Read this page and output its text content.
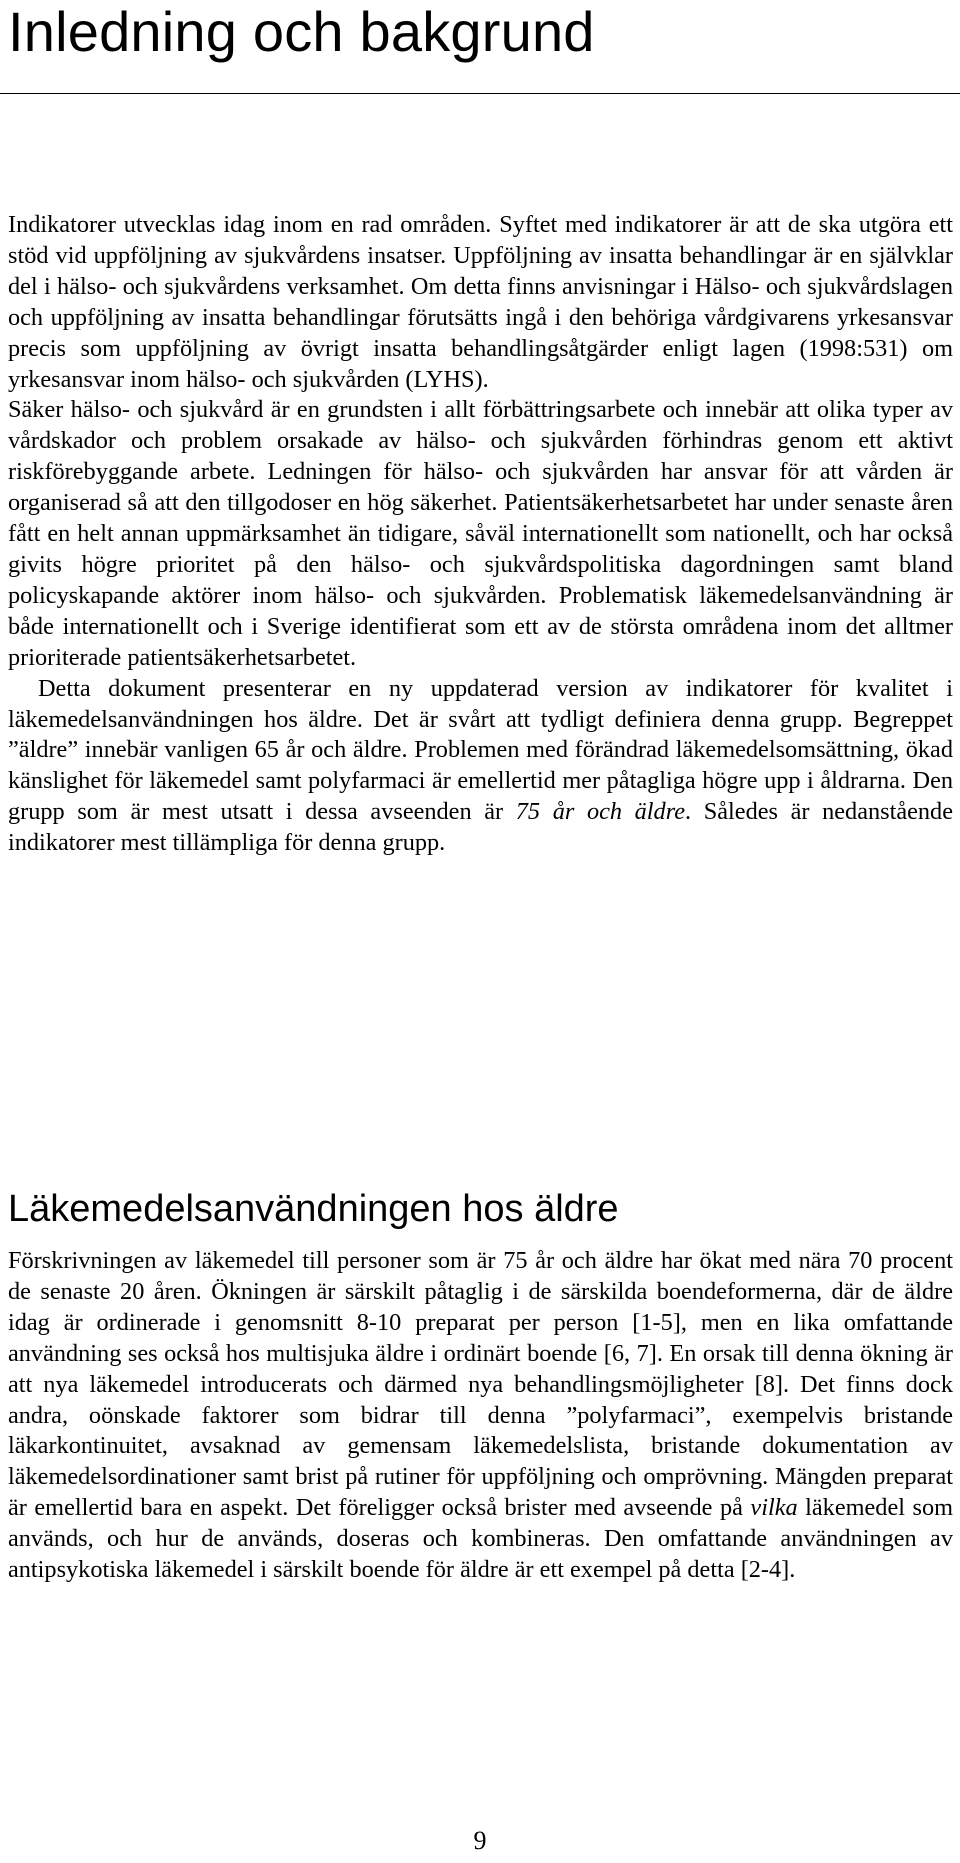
Inledning och bakgrund

Indikatorer utvecklas idag inom en rad områden. Syftet med indikatorer är att de ska utgöra ett stöd vid uppföljning av sjukvårdens insatser. Uppföljning av insatta behandlingar är en självklar del i hälso- och sjukvårdens verksamhet. Om detta finns anvisningar i Hälso- och sjukvårdslagen och uppföljning av insatta behandlingar förutsätts ingå i den behöriga vårdgivarens yrkesansvar precis som uppföljning av övrigt insatta behandlingsåtgärder enligt lagen (1998:531) om yrkesansvar inom hälso- och sjukvården (LYHS).

Säker hälso- och sjukvård är en grundsten i allt förbättringsarbete och innebär att olika typer av vårdskador och problem orsakade av hälso- och sjukvården förhindras genom ett aktivt riskförebyggande arbete. Ledningen för hälso- och sjukvården har ansvar för att vården är organiserad så att den tillgodoser en hög säkerhet. Patientsäkerhetsarbetet har under senaste åren fått en helt annan uppmärksamhet än tidigare, såväl internationellt som nationellt, och har också givits högre prioritet på den hälso- och sjukvårdspolitiska dagordningen samt bland policyskapande aktörer inom hälso- och sjukvården. Problematisk läkemedelsanvändning är både internationellt och i Sverige identifierat som ett av de största områdena inom det alltmer prioriterade patientsäkerhetsarbetet.

Detta dokument presenterar en ny uppdaterad version av indikatorer för kvalitet i läkemedelsanvändningen hos äldre. Det är svårt att tydligt definiera denna grupp. Begreppet ”äldre” innebär vanligen 65 år och äldre. Problemen med förändrad läkemedelsomsättning, ökad känslighet för läkemedel samt polyfarmaci är emellertid mer påtagliga högre upp i åldrarna. Den grupp som är mest utsatt i dessa avseenden är 75 år och äldre. Således är nedanstående indikatorer mest tillämpliga för denna grupp.

Läkemedelsanvändningen hos äldre

Förskrivningen av läkemedel till personer som är 75 år och äldre har ökat med nära 70 procent de senaste 20 åren. Ökningen är särskilt påtaglig i de särskilda boendeformerna, där de äldre idag är ordinerade i genomsnitt 8-10 preparat per person [1-5], men en lika omfattande användning ses också hos multisjuka äldre i ordinärt boende [6, 7]. En orsak till denna ökning är att nya läkemedel introducerats och därmed nya behandlingsmöjligheter [8]. Det finns dock andra, oönskade faktorer som bidrar till denna ”polyfarmaci”, exempelvis bristande läkarkontinuitet, avsaknad av gemensam läkemedelslista, bristande dokumentation av läkemedelsordinationer samt brist på rutiner för uppföljning och omprövning. Mängden preparat är emellertid bara en aspekt. Det föreligger också brister med avseende på vilka läkemedel som används, och hur de används, doseras och kombineras. Den omfattande användningen av antipsykotiska läkemedel i särskilt boende för äldre är ett exempel på detta [2-4].

9
